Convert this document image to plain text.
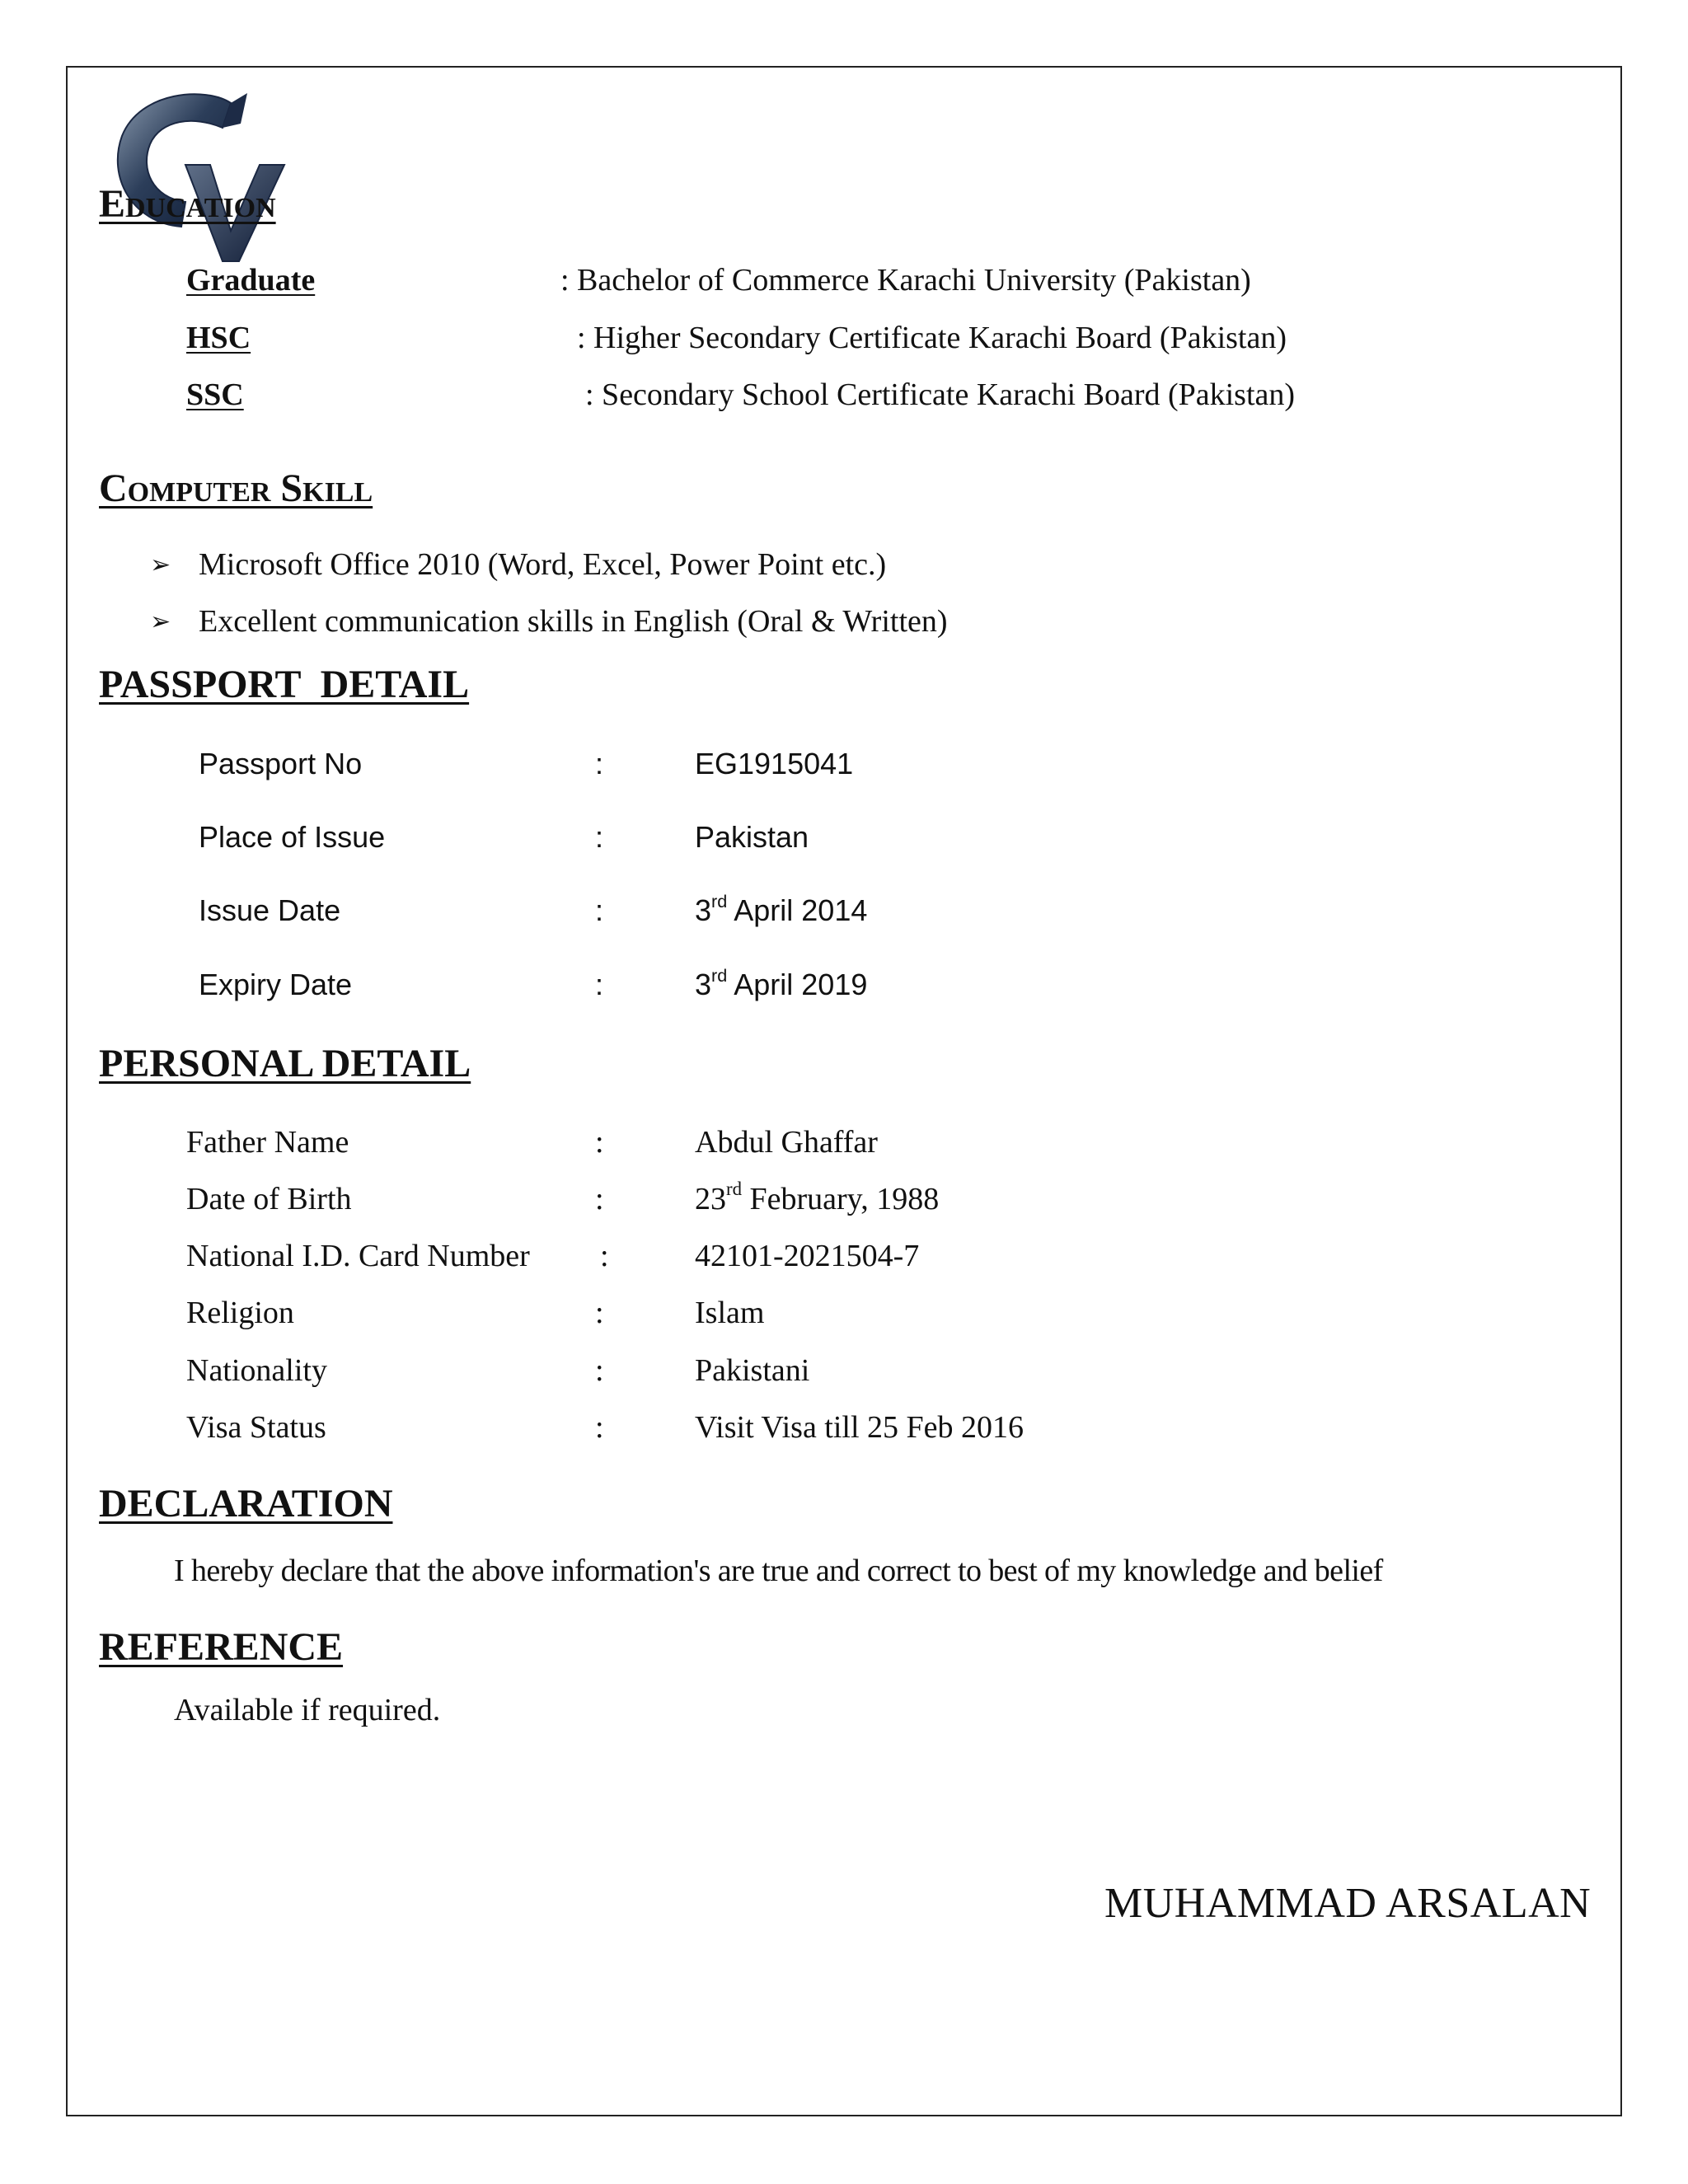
Education
Graduate	: Bachelor of Commerce Karachi University (Pakistan)
HSC	: Higher Secondary Certificate Karachi Board (Pakistan)
SSC	: Secondary School Certificate Karachi Board (Pakistan)
Computer Skill
➢ Microsoft Office 2010 (Word, Excel, Power Point etc.)
➢ Excellent communication skills in English (Oral & Written)
PASSPORT  DETAIL
Passport No	:	EG1915041
Place of Issue	:	Pakistan
Issue Date	:	3rd April 2014
Expiry Date	:	3rd April 2019
PERSONAL DETAIL
Father Name	:	Abdul Ghaffar
Date of Birth	:	23rd February, 1988
National I.D. Card Number :	42101-2021504-7
Religion	:	Islam
Nationality	:	Pakistani
Visa Status	:	Visit Visa till 25 Feb 2016
DECLARATION
I hereby declare that the above information's are true and correct to best of my knowledge and belief
REFERENCE
Available if required.
MUHAMMAD ARSALAN
